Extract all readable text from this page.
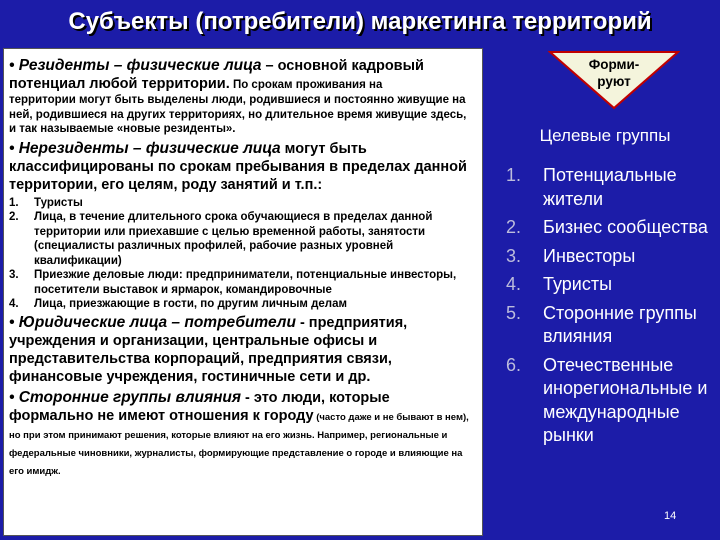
Субъекты (потребители) маркетинга территорий

• Резиденты – физические лица – основной кадровый

потенциал любой территории. По срокам проживания на

территории могут быть выделены люди, родившиеся и постоянно живущие на ней, родившиеся на других территориях, но длительное время живущие здесь, и так называемые «новые резиденты».

• Нерезиденты – физические лица могут быть классифицированы по срокам пребывания в пределах данной территории, его целям, роду занятий и т.п.:

1. Туристы
2. Лица, в течение длительного срока обучающиеся в пределах данной территории или приехавшие с целью временной работы, занятости (специалисты различных профилей, рабочие разных уровней квалификации)
3. Приезжие деловые люди: предприниматели, потенциальные инвесторы, посетители выставок и ярмарок, командировочные
4. Лица, приезжающие в гости, по другим личным делам

• Юридические лица – потребители - предприятия, учреждения и организации, центральные офисы и представительства корпораций, предприятия связи, финансовые учреждения, гостиничные сети и др.

• Сторонние группы влияния - это люди, которые формально не имеют отношения к городу (часто даже и не бывают в нем), но при этом принимают решения, которые влияют на его жизнь. Например, региональные и федеральные чиновники, журналисты, формирующие представление о городе и влияющие на его имидж.

Форми-
руют
Целевые группы
1. Потенциальные жители
2. Бизнес сообщества
3. Инвесторы
4. Туристы
5. Сторонние группы влияния
6. Отечественные инорегиональные и международные рынки
14
